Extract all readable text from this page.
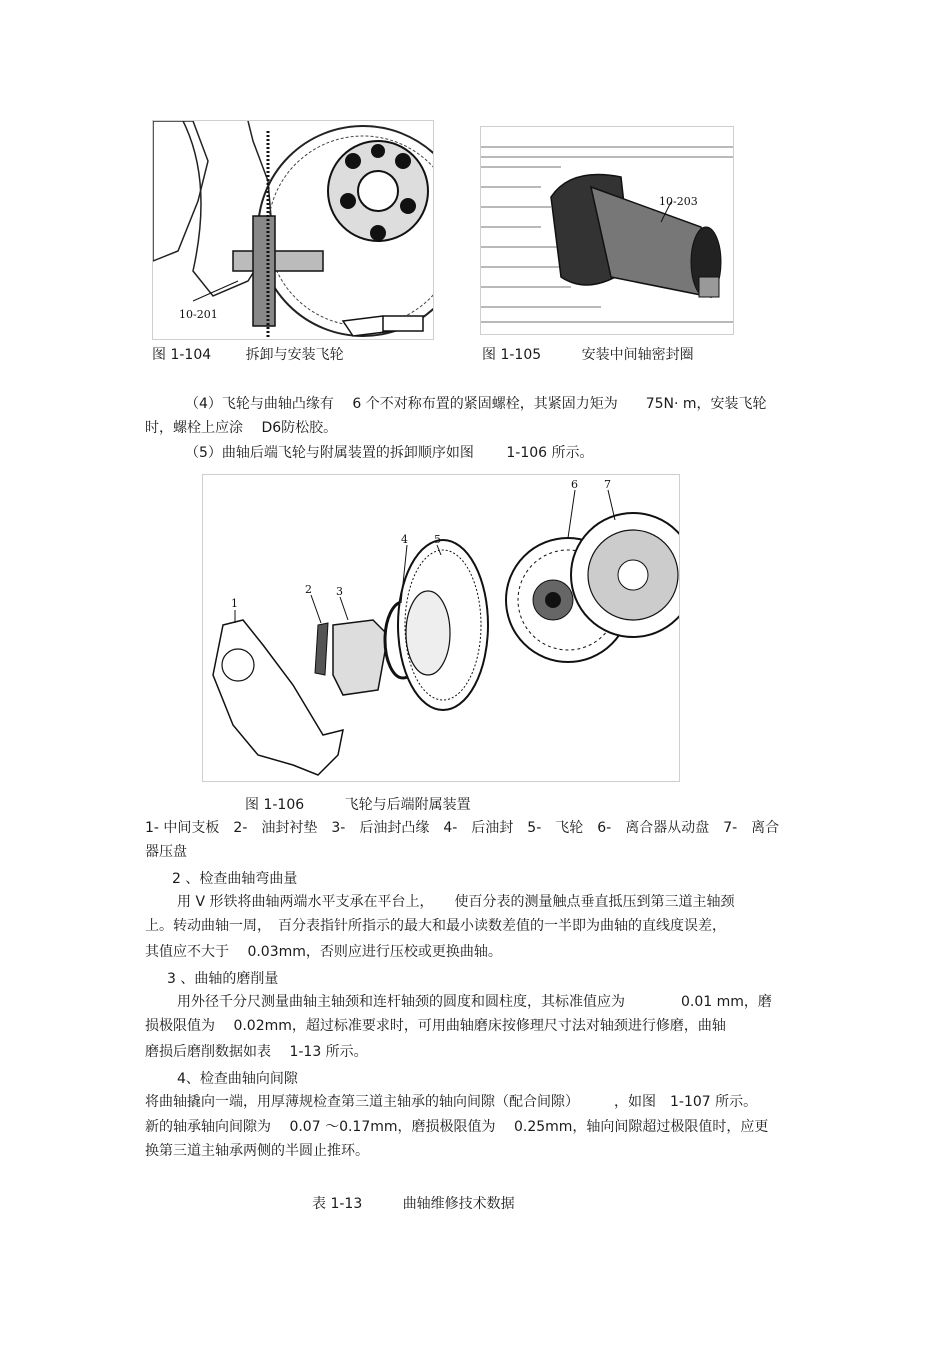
10-201
10-203
图 1-104 拆卸与安装飞轮	图 1-105	安装中间轴密封圈
（4）飞轮与曲轴凸缘有　 6 个不对称布置的紧固螺栓，其紧固力矩为　　75N· m，安装飞轮
时，螺栓上应涂　 D6防松胶。
（5）曲轴后端飞轮与附属装置的拆卸顺序如图　　 1-106 所示。
1
2 3
4 5
6 7
图 1-106	飞轮与后端附属装置
1- 中间支板　2-　油封衬垫　3-　后油封凸缘　4-　后油封　5-　飞轮　6-　离合器从动盘　7-　离合
器压盘
2 、检查曲轴弯曲量
用 V 形铁将曲轴两端水平支承在平台上，　　使百分表的测量触点垂直抵压到第三道主轴颈
上。转动曲轴一周，　百分表指针所指示的最大和最小读数差值的一半即为曲轴的直线度误差，
其值应不大于　 0.03mm，否则应进行压校或更换曲轴。
3 、曲轴的磨削量
用外径千分尺测量曲轴主轴颈和连杆轴颈的圆度和圆柱度，其标准值应为　　　　0.01 mm，磨
损极限值为　 0.02mm，超过标准要求时，可用曲轴磨床按修理尺寸法对轴颈进行修磨，曲轴
磨损后磨削数据如表　 1-13 所示。
4、检查曲轴向间隙
将曲轴撬向一端，用厚薄规检查第三道主轴承的轴向间隙（配合间隙）　　　，如图　1-107 所示。
新的轴承轴向间隙为　 0.07 ～0.17mm，磨损极限值为　 0.25mm，轴向间隙超过极限值时，应更
换第三道主轴承两侧的半圆止推环。
表 1-13	曲轴维修技术数据
